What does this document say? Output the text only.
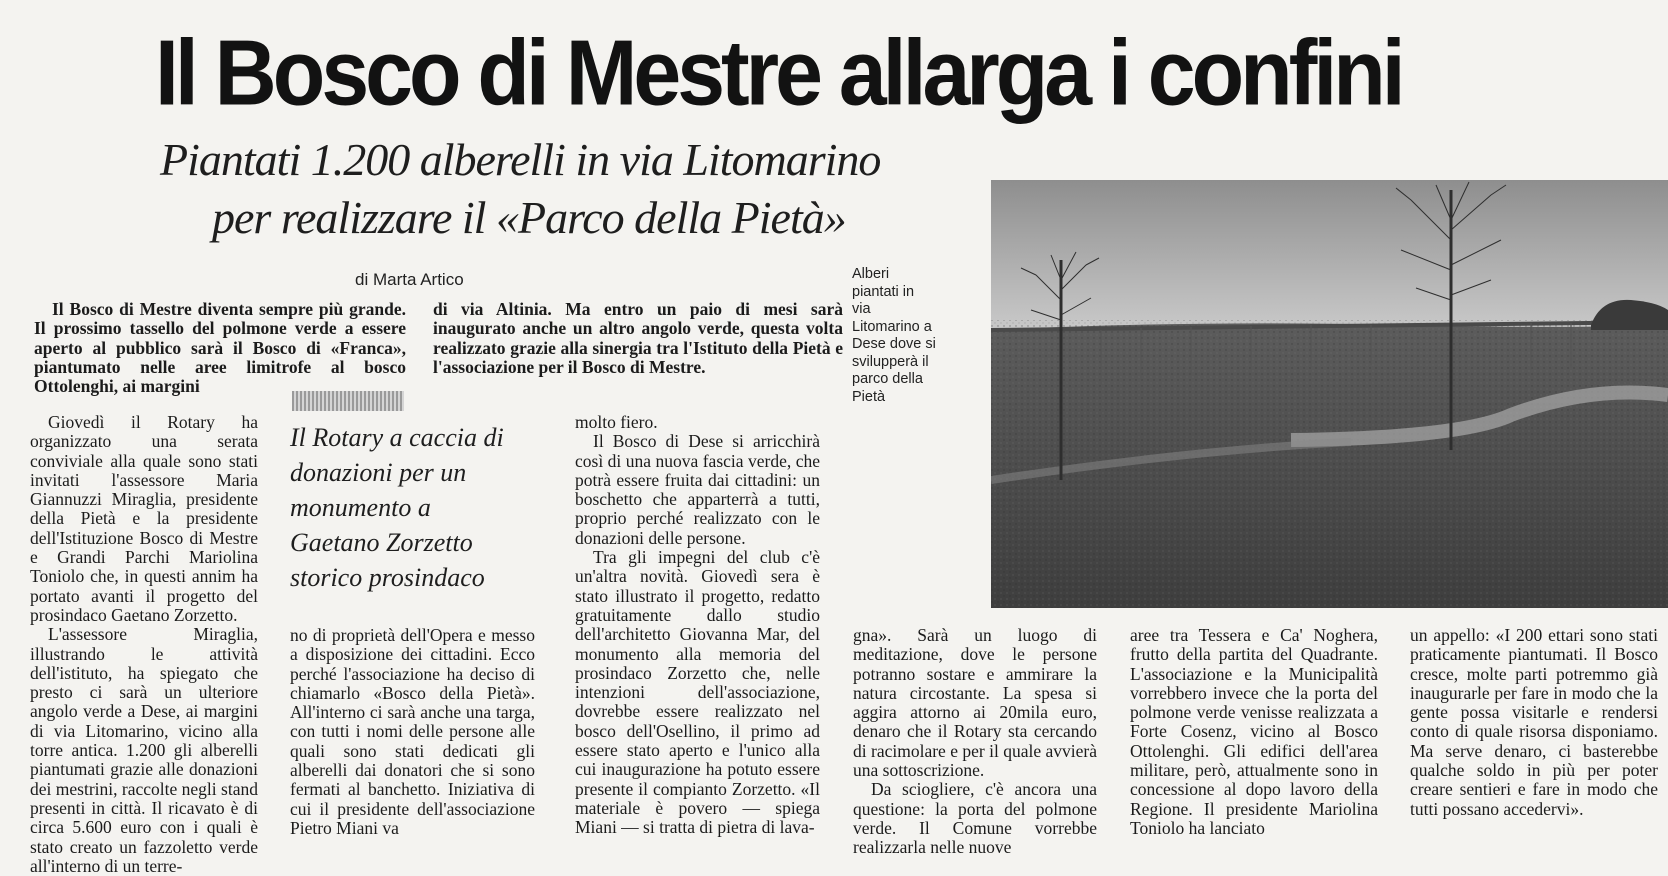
Il Bosco di Mestre allarga i confini
Piantati 1.200 alberelli in via Litomarino
per realizzare il «Parco della Pietà»
di Marta Artico
Il Bosco di Mestre diventa sempre più grande. Il prossimo tassello del polmone verde a essere aperto al pubblico sarà il Bosco di «Franca», piantumato nelle aree limitrofe al bosco Ottolenghi, ai margini
di via Altinia. Ma entro un paio di mesi sarà inaugurato anche un altro angolo verde, questa volta realizzato grazie alla sinergia tra l'Istituto della Pietà e l'associazione per il Bosco di Mestre.
Alberi piantati in via Litomarino a Dese dove si svilupperà il parco della Pietà
Il Rotary a caccia di donazioni per un monumento a Gaetano Zorzetto storico prosindaco

Giovedì il Rotary ha organizzato una serata conviviale alla quale sono stati invitati l'assessore Maria Giannuzzi Miraglia, presidente della Pietà e la presidente dell'Istituzione Bosco di Mestre e Grandi Parchi Mariolina Toniolo che, in questi annim ha portato avanti il progetto del prosindaco Gaetano Zorzetto.

L'assessore Miraglia, illustrando le attività dell'istituto, ha spiegato che presto ci sarà un ulteriore angolo verde a Dese, ai margini di via Litomarino, vicino alla torre antica. 1.200 gli alberelli piantumati grazie alle donazioni dei mestrini, raccolte negli stand presenti in città. Il ricavato è di circa 5.600 euro con i quali è stato creato un fazzoletto verde all'interno di un terre-

no di proprietà dell'Opera e messo a disposizione dei cittadini. Ecco perché l'associazione ha deciso di chiamarlo «Bosco della Pietà». All'interno ci sarà anche una targa, con tutti i nomi delle persone alle quali sono stati dedicati gli alberelli dai donatori che si sono fermati al banchetto. Iniziativa di cui il presidente dell'associazione Pietro Miani va

molto fiero.

Il Bosco di Dese si arricchirà così di una nuova fascia verde, che potrà essere fruita dai cittadini: un boschetto che apparterrà a tutti, proprio perché realizzato con le donazioni delle persone.

Tra gli impegni del club c'è un'altra novità. Giovedì sera è stato illustrato il progetto, redatto gratuitamente dallo studio dell'architetto Giovanna Mar, del monumento alla memoria del prosindaco Zorzetto che, nelle intenzioni dell'associazione, dovrebbe essere realizzato nel bosco dell'Osellino, il primo ad essere stato aperto e l'unico alla cui inaugurazione ha potuto essere presente il compianto Zorzetto. «Il materiale è povero — spiega Miani — si tratta di pietra di lava-

gna». Sarà un luogo di meditazione, dove le persone potranno sostare e ammirare la natura circostante. La spesa si aggira attorno ai 20mila euro, denaro che il Rotary sta cercando di racimolare e per il quale avvierà una sottoscrizione.

Da sciogliere, c'è ancora una questione: la porta del polmone verde. Il Comune vorrebbe realizzarla nelle nuove

aree tra Tessera e Ca' Noghera, frutto della partita del Quadrante. L'associazione e la Municipalità vorrebbero invece che la porta del polmone verde venisse realizzata a Forte Cosenz, vicino al Bosco Ottolenghi. Gli edifici dell'area militare, però, attualmente sono in concessione al dopo lavoro della Regione. Il presidente Mariolina Toniolo ha lanciato

un appello: «I 200 ettari sono stati praticamente piantumati. Il Bosco cresce, molte parti potremmo già inaugurarle per fare in modo che la gente possa visitarle e rendersi conto di quale risorsa disponiamo. Ma serve denaro, ci basterebbe qualche soldo in più per poter creare sentieri e fare in modo che tutti possano accedervi».
